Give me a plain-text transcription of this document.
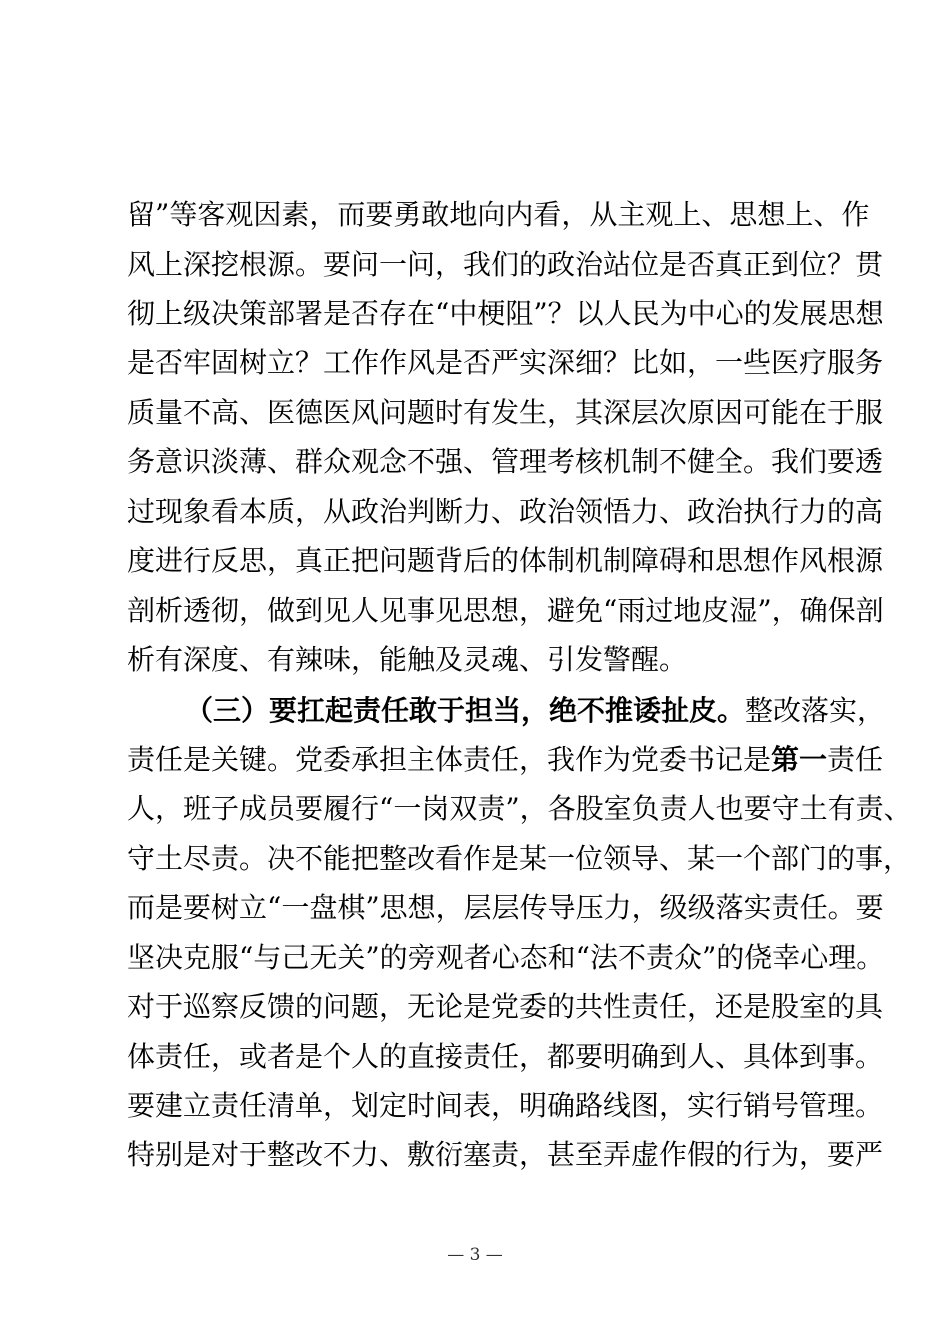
留”等客观因素，而要勇敢地向内看，从主观上、思想上、作
风上深挖根源。要问一问，我们的政治站位是否真正到位？贯
彻上级决策部署是否存在“中梗阻”？以人民为中心的发展思想
是否牢固树立？工作作风是否严实深细？比如，一些医疗服务
质量不高、医德医风问题时有发生，其深层次原因可能在于服
务意识淡薄、群众观念不强、管理考核机制不健全。我们要透
过现象看本质，从政治判断力、政治领悟力、政治执行力的高
度进行反思，真正把问题背后的体制机制障碍和思想作风根源
剖析透彻，做到见人见事见思想，避免“雨过地皮湿”，确保剖
析有深度、有辣味，能触及灵魂、引发警醒。
（三）要扛起责任敢于担当，绝不推诿扯皮。整改落实，
责任是关键。党委承担主体责任，我作为党委书记是第一责任
人，班子成员要履行“一岗双责”，各股室负责人也要守土有责、
守土尽责。决不能把整改看作是某一位领导、某一个部门的事，
而是要树立“一盘棋”思想，层层传导压力，级级落实责任。要
坚决克服“与己无关”的旁观者心态和“法不责众”的侥幸心理。
对于巡察反馈的问题，无论是党委的共性责任，还是股室的具
体责任，或者是个人的直接责任，都要明确到人、具体到事。
要建立责任清单，划定时间表，明确路线图，实行销号管理。
特别是对于整改不力、敷衍塞责，甚至弄虚作假的行为，要严
— 3 —
